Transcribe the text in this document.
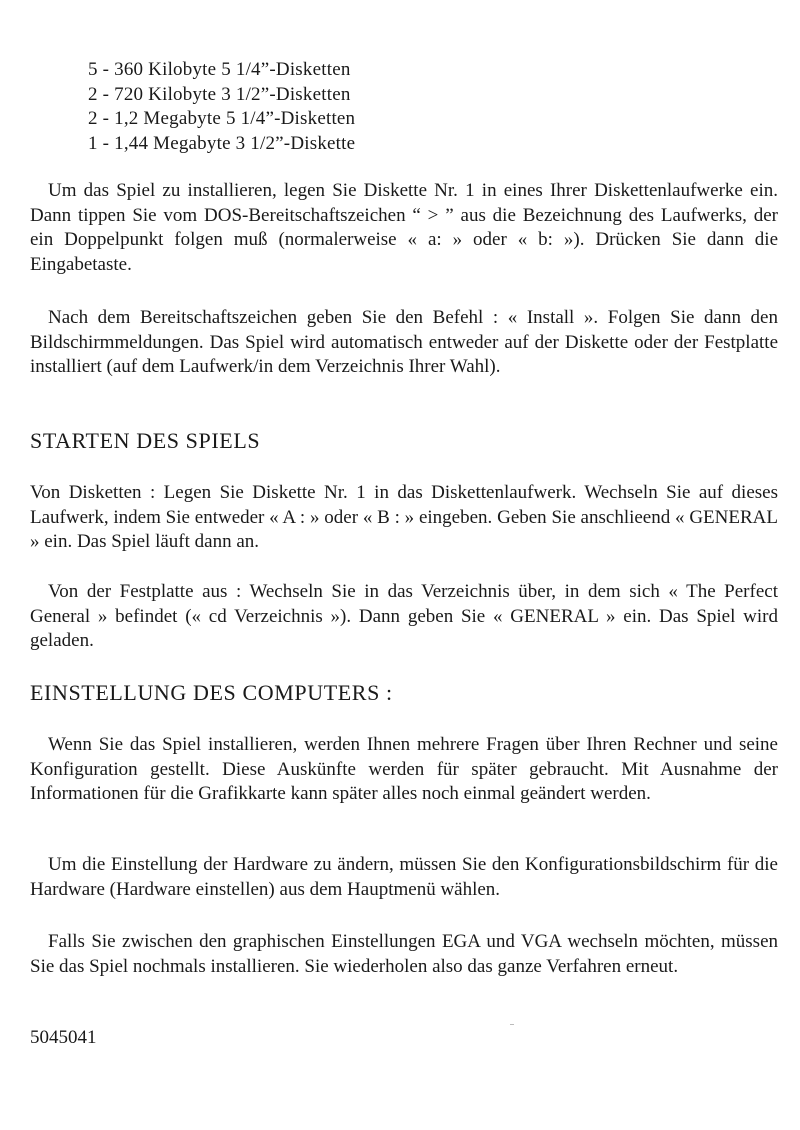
5 - 360 Kilobyte 5 1/4”-Disketten
2 - 720 Kilobyte 3 1/2”-Disketten
2 - 1,2 Megabyte 5 1/4”-Disketten
1 - 1,44 Megabyte 3 1/2”-Diskette

Um das Spiel zu installieren, legen Sie Diskette Nr. 1 in eines Ihrer Diskettenlaufwerke ein. Dann tippen Sie vom DOS-Bereitschaftszeichen “ > ” aus die Bezeichnung des Laufwerks, der ein Doppelpunkt folgen muß (normalerweise « a: » oder « b: »). Drücken Sie dann die Eingabetaste.

Nach dem Bereitschaftszeichen geben Sie den Befehl : « Install ». Folgen Sie dann den Bildschirmmeldungen. Das Spiel wird automatisch entweder auf der Diskette oder der Festplatte installiert (auf dem Laufwerk/in dem Verzeichnis Ihrer Wahl).

STARTEN DES SPIELS

Von Disketten : Legen Sie Diskette Nr. 1 in das Diskettenlaufwerk. Wechseln Sie auf dieses Laufwerk, indem Sie entweder « A : » oder « B : » eingeben. Geben Sie anschlieend « GENERAL » ein. Das Spiel läuft dann an.

Von der Festplatte aus : Wechseln Sie in das Verzeichnis über, in dem sich « The Perfect General » befindet (« cd Verzeichnis »). Dann geben Sie « GENERAL » ein. Das Spiel wird geladen.

EINSTELLUNG DES COMPUTERS :

Wenn Sie das Spiel installieren, werden Ihnen mehrere Fragen über Ihren Rechner und seine Konfiguration gestellt. Diese Auskünfte werden für später gebraucht. Mit Ausnahme der Informationen für die Grafikkarte kann später alles noch einmal geändert werden.

Um die Einstellung der Hardware zu ändern, müssen Sie den Konfigurationsbildschirm für die Hardware (Hardware einstellen) aus dem Hauptmenü wählen.

Falls Sie zwischen den graphischen Einstellungen EGA und VGA wechseln möchten, müssen Sie das Spiel nochmals installieren. Sie wiederholen also das ganze Verfahren erneut.

5045041
